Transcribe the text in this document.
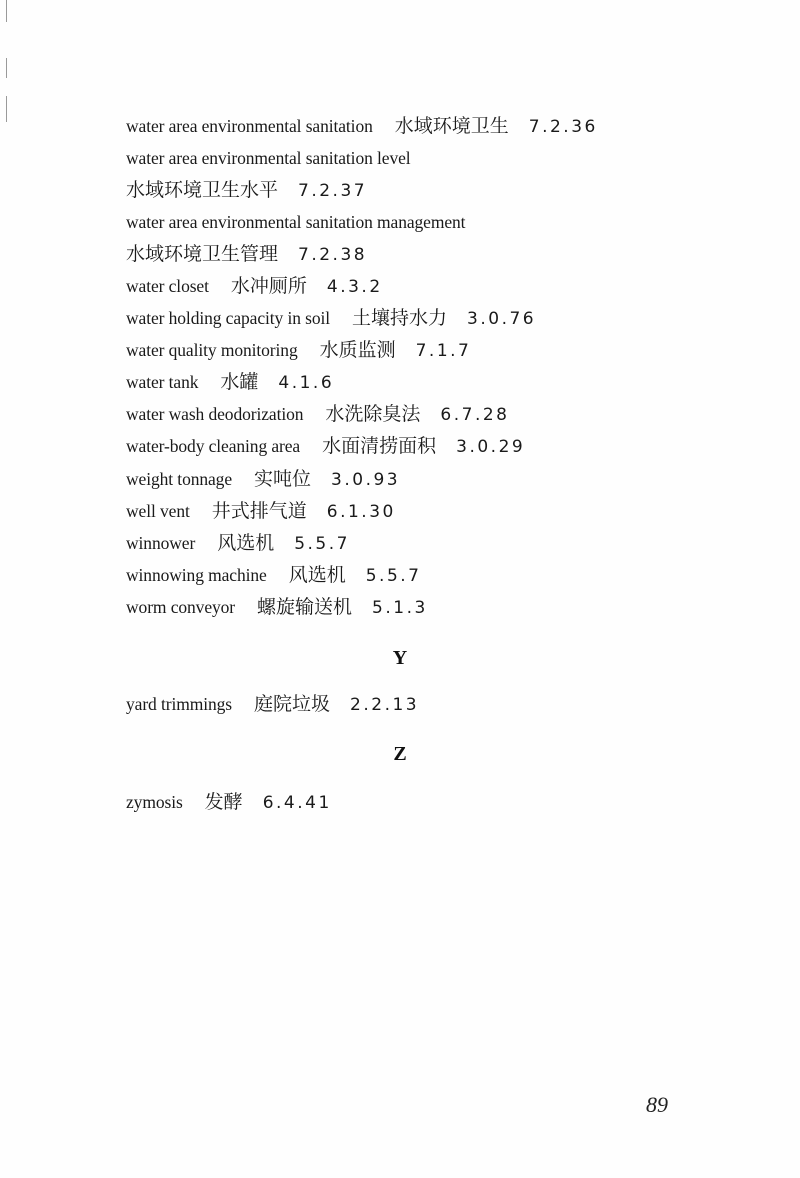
water area environmental sanitation 水域环境卫生 7.2.36
water area environmental sanitation level
水域环境卫生水平 7.2.37
water area environmental sanitation management
水域环境卫生管理 7.2.38
water closet 水冲厕所 4.3.2
water holding capacity in soil 土壤持水力 3.0.76
water quality monitoring 水质监测 7.1.7
water tank 水罐 4.1.6
water wash deodorization 水洗除臭法 6.7.28
water-body cleaning area 水面清捞面积 3.0.29
weight tonnage 实吨位 3.0.93
well vent 井式排气道 6.1.30
winnower 风选机 5.5.7
winnowing machine 风选机 5.5.7
worm conveyor 螺旋输送机 5.1.3
yard trimmings 庭院垃圾 2.2.13
zymosis 发酵 6.4.41
Y
Z
89
